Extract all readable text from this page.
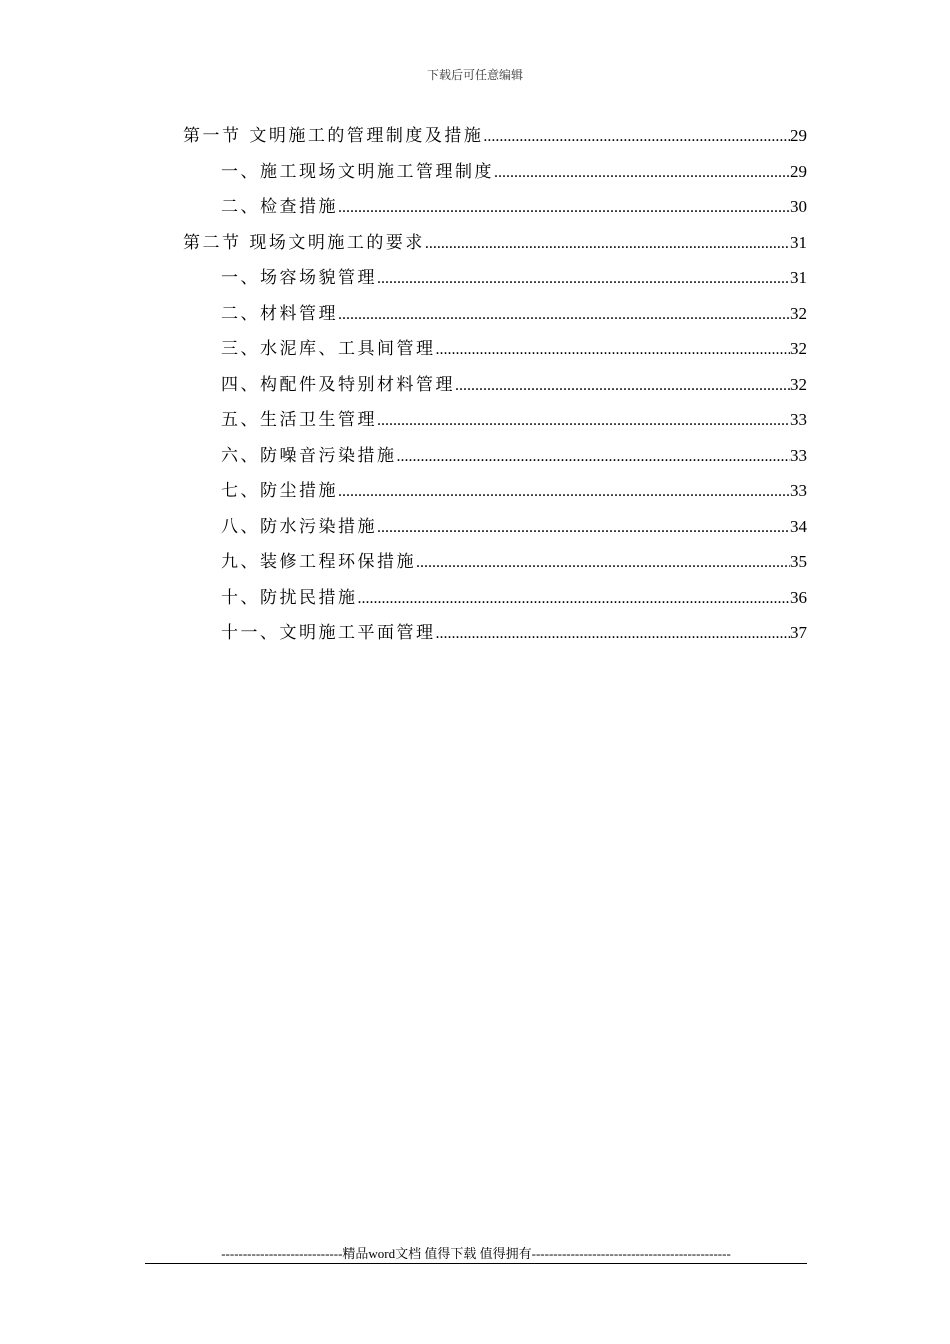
下载后可任意编辑
第一节 文明施工的管理制度及措施 .....	29
一、施工现场文明施工管理制度 .....	29
二、检查措施 .....	30
第二节 现场文明施工的要求 .....	31
一、场容场貌管理 .....	31
二、材料管理 .....	32
三、水泥库、工具间管理 .....	32
四、构配件及特别材料管理 .....	32
五、生活卫生管理 .....	33
六、防噪音污染措施 .....	33
七、防尘措施 .....	33
八、防水污染措施 .....	34
九、装修工程环保措施 .....	35
十、防扰民措施 .....	36
十一、文明施工平面管理 .....	37
----------------------------精品word文档 值得下载 值得拥有----------------------------------------------
